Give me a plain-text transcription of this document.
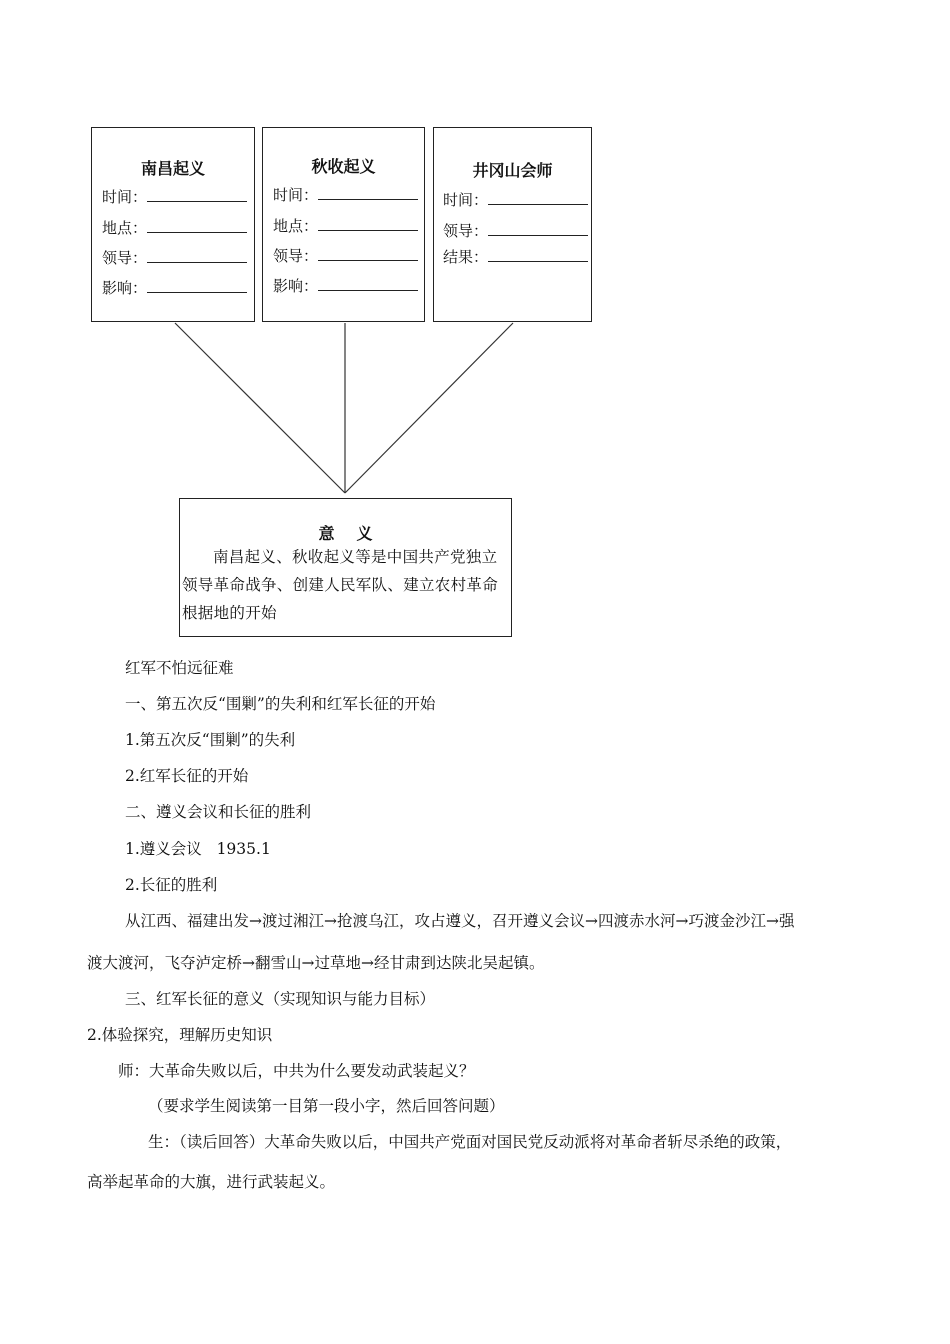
南昌起义
时间：
地点：
领导：
影响：
秋收起义
时间：
地点：
领导：
影响：
井冈山会师
时间：
领导：
结果：
意义
南昌起义、秋收起义等是中国共产党独立领导革命战争、创建人民军队、建立农村革命根据地的开始
红军不怕远征难
一、第五次反“围剿”的失利和红军长征的开始
1.第五次反“围剿”的失利
2.红军长征的开始
二、遵义会议和长征的胜利
1.遵义会议   1935.1
2.长征的胜利
从江西、福建出发→渡过湘江→抢渡乌江，攻占遵义，召开遵义会议→四渡赤水河→巧渡金沙江→强
渡大渡河，飞夺泸定桥→翻雪山→过草地→经甘肃到达陕北吴起镇。
三、红军长征的意义（实现知识与能力目标）
2.体验探究，理解历史知识
师：大革命失败以后，中共为什么要发动武装起义？
（要求学生阅读第一目第一段小字，然后回答问题）
生：（读后回答）大革命失败以后，中国共产党面对国民党反动派将对革命者斩尽杀绝的政策，
高举起革命的大旗，进行武装起义。
